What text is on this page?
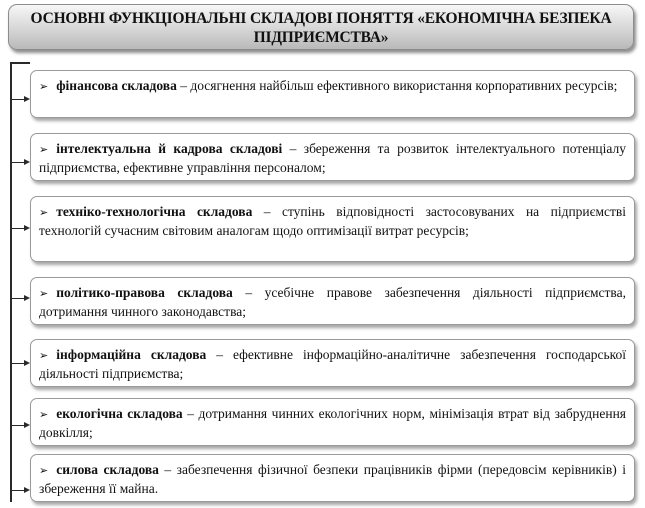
ОСНОВНІ ФУНКЦІОНАЛЬНІ СКЛАДОВІ ПОНЯТТЯ «ЕКОНОМІЧНА БЕЗПЕКА ПІДПРИЄМСТВА»
➢ фінансова складова – досягнення найбільш ефективного використання корпоративних ресурсів;
➢ інтелектуальна й кадрова складові – збереження та розвиток інтелектуального потенціалу підприємства, ефективне управління персоналом;
➢ техніко-технологічна складова – ступінь відповідності застосовуваних на підприємстві технологій сучасним світовим аналогам щодо оптимізації витрат ресурсів;
➢ політико-правова складова – усебічне правове забезпечення діяльності підприємства, дотримання чинного законодавства;
➢ інформаційна складова – ефективне інформаційно-аналітичне забезпечення господарської діяльності підприємства;
➢ екологічна складова – дотримання чинних екологічних норм, мінімізація втрат від забруднення довкілля;
➢ силова складова – забезпечення фізичної безпеки працівників фірми (передовсім керівників) і збереження її майна.
